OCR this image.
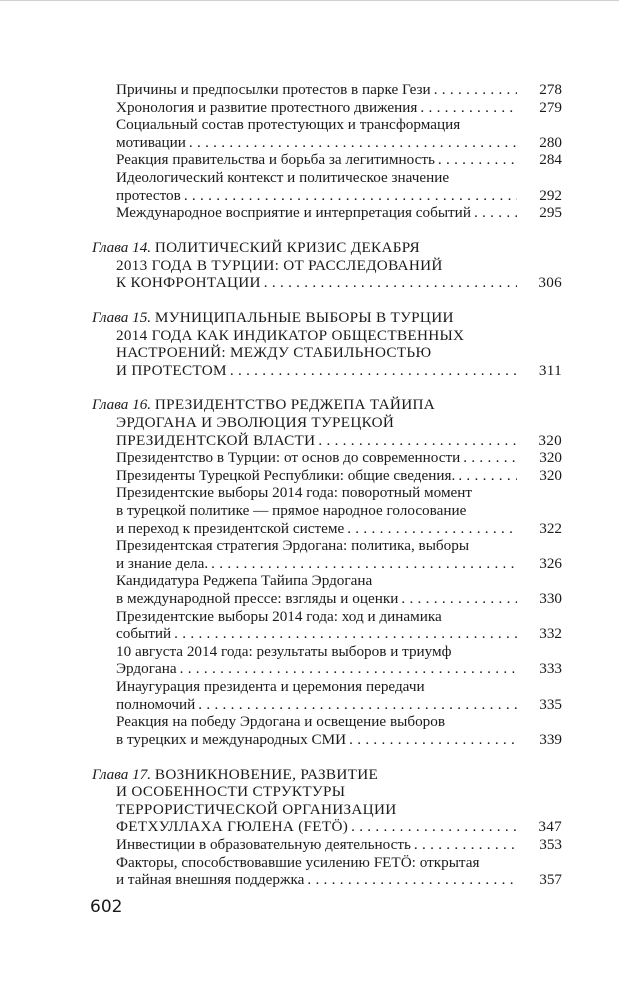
Причины и предпосылки протестов в парке Гези . . .	278
Хронология и развитие протестного движения . . .	279
Социальный состав протестующих и трансформация
мотивации . . .	280
Реакция правительства и борьба за легитимность . . .	284
Идеологический контекст и политическое значение
протестов . . .	292
Международное восприятие и интерпретация событий . . .	295
Глава 14. ПОЛИТИЧЕСКИЙ КРИЗИС ДЕКАБРЯ
2013 ГОДА В ТУРЦИИ: ОТ РАССЛЕДОВАНИЙ
К КОНФРОНТАЦИИ . . .	306
Глава 15. МУНИЦИПАЛЬНЫЕ ВЫБОРЫ В ТУРЦИИ
2014 ГОДА КАК ИНДИКАТОР ОБЩЕСТВЕННЫХ
НАСТРОЕНИЙ: МЕЖДУ СТАБИЛЬНОСТЬЮ
И ПРОТЕСТОМ . . .	311
Глава 16. ПРЕЗИДЕНТСТВО РЕДЖЕПА ТАЙИПА
ЭРДОГАНА И ЭВОЛЮЦИЯ ТУРЕЦКОЙ
ПРЕЗИДЕНТСКОЙ ВЛАСТИ . . .	320
Президентство в Турции: от основ до современности . . .	320
Президенты Турецкой Республики: общие сведения. . . .	320
Президентские выборы 2014 года: поворотный момент
в турецкой политике — прямое народное голосование
и переход к президентской системе . . .	322
Президентская стратегия Эрдогана: политика, выборы
и знание дела. . . .	326
Кандидатура Реджепа Тайипа Эрдогана
в международной прессе: взгляды и оценки . . .	330
Президентские выборы 2014 года: ход и динамика
событий . . .	332
10 августа 2014 года: результаты выборов и триумф
Эрдогана . . .	333
Инаугурация президента и церемония передачи
полномочий . . .	335
Реакция на победу Эрдогана и освещение выборов
в турецких и международных СМИ . . .	339
Глава 17. ВОЗНИКНОВЕНИЕ, РАЗВИТИЕ
И ОСОБЕННОСТИ СТРУКТУРЫ
ТЕРРОРИСТИЧЕСКОЙ ОРГАНИЗАЦИИ
ФЕТХУЛЛАХА ГЮЛЕНА (FETÖ) . . .	347
Инвестиции в образовательную деятельность . . .	353
Факторы, способствовавшие усилению FETÖ: открытая
и тайная внешняя поддержка . . .	357
602
